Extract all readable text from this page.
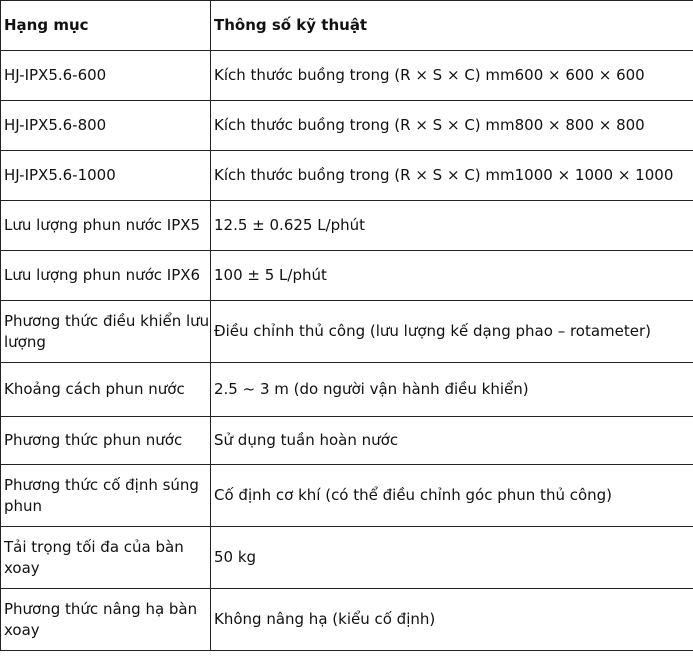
Hạng mục	Thông số kỹ thuật
HJ-IPX5.6-600	Kích thước buồng trong (R × S × C) mm600 × 600 × 600
HJ-IPX5.6-800	Kích thước buồng trong (R × S × C) mm800 × 800 × 800
HJ-IPX5.6-1000	Kích thước buồng trong (R × S × C) mm1000 × 1000 × 1000
Lưu lượng phun nước IPX5	12.5 ± 0.625 L/phút
Lưu lượng phun nước IPX6	100 ± 5 L/phút
Phương thức điều khiển lưu lượng	Điều chỉnh thủ công (lưu lượng kế dạng phao – rotameter)
Khoảng cách phun nước	2.5 ~ 3 m (do người vận hành điều khiển)
Phương thức phun nước	Sử dụng tuần hoàn nước
Phương thức cố định súng phun	Cố định cơ khí (có thể điều chỉnh góc phun thủ công)
Tải trọng tối đa của bàn xoay	50 kg
Phương thức nâng hạ bàn xoay	Không nâng hạ (kiểu cố định)
